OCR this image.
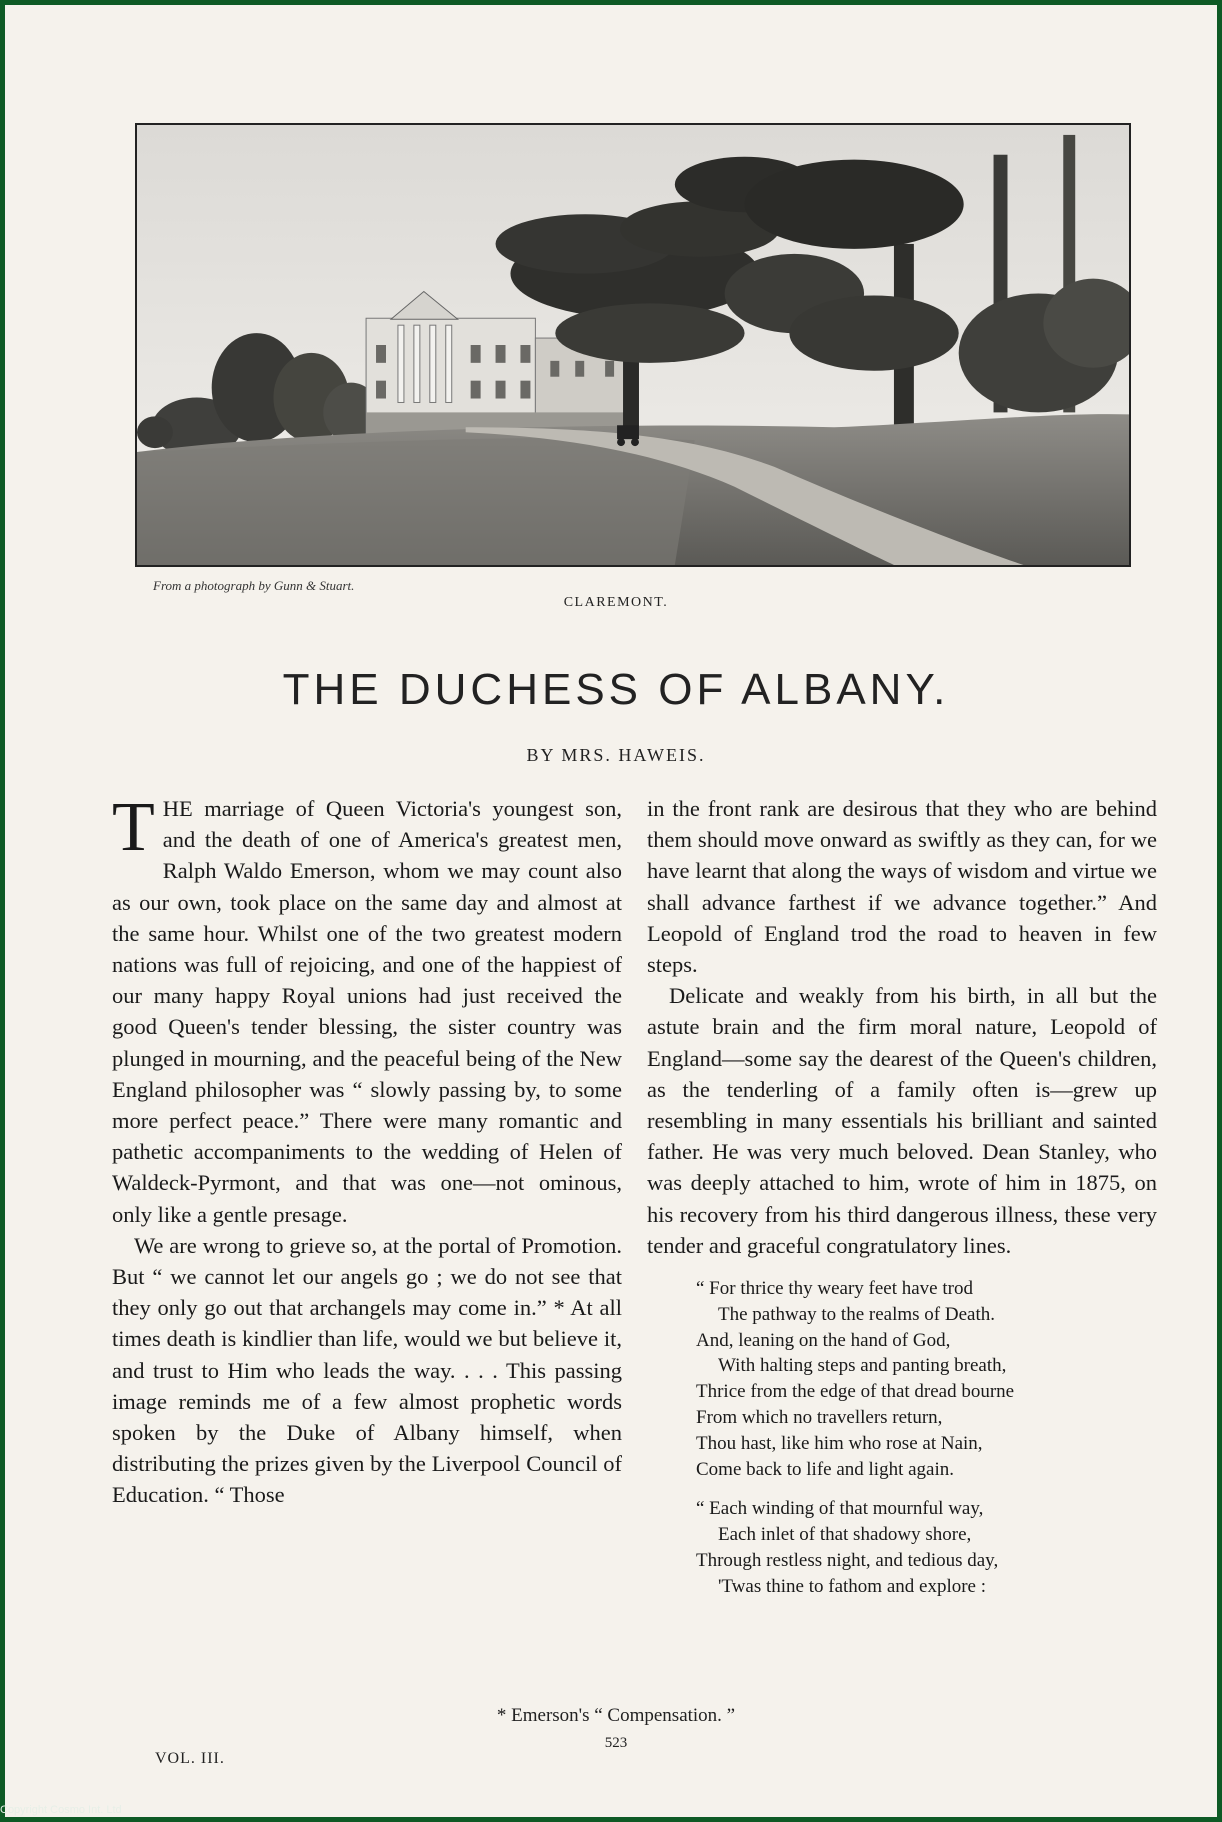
From a photograph by Gunn & Stuart.
CLAREMONT.
THE DUCHESS OF ALBANY.
BY MRS. HAWEIS.

THE marriage of Queen Victoria's youngest son, and the death of one of America's greatest men, Ralph Waldo Emerson, whom we may count also as our own, took place on the same day and almost at the same hour. Whilst one of the two greatest modern nations was full of rejoicing, and one of the happiest of our many happy Royal unions had just received the good Queen's tender blessing, the sister country was plunged in mourning, and the peaceful being of the New England philosopher was “ slowly passing by, to some more perfect peace.” There were many romantic and pathetic accompaniments to the wedding of Helen of Waldeck-Pyrmont, and that was one—not ominous, only like a gentle presage.

We are wrong to grieve so, at the portal of Promotion. But “ we cannot let our angels go ; we do not see that they only go out that archangels may come in.” * At all times death is kindlier than life, would we but believe it, and trust to Him who leads the way. . . . This passing image reminds me of a few almost prophetic words spoken by the Duke of Albany himself, when distributing the prizes given by the Liverpool Council of Education. “ Those

in the front rank are desirous that they who are behind them should move onward as swiftly as they can, for we have learnt that along the ways of wisdom and virtue we shall advance farthest if we advance together.” And Leopold of England trod the road to heaven in few steps.

Delicate and weakly from his birth, in all but the astute brain and the firm moral nature, Leopold of England—some say the dearest of the Queen's children, as the tenderling of a family often is—grew up resembling in many essentials his brilliant and sainted father. He was very much beloved. Dean Stanley, who was deeply attached to him, wrote of him in 1875, on his recovery from his third dangerous illness, these very tender and graceful congratulatory lines.

“ For thrice thy weary feet have trod
The pathway to the realms of Death.
And, leaning on the hand of God,
With halting steps and panting breath,
Thrice from the edge of that dread bourne
From which no travellers return,
Thou hast, like him who rose at Nain,
Come back to life and light again.
“ Each winding of that mournful way,
Each inlet of that shadowy shore,
Through restless night, and tedious day,
'Twas thine to fathom and explore :
* Emerson's “ Compensation. ”
523
VOL. III.
Copyright Cosmo Int. Ltd
